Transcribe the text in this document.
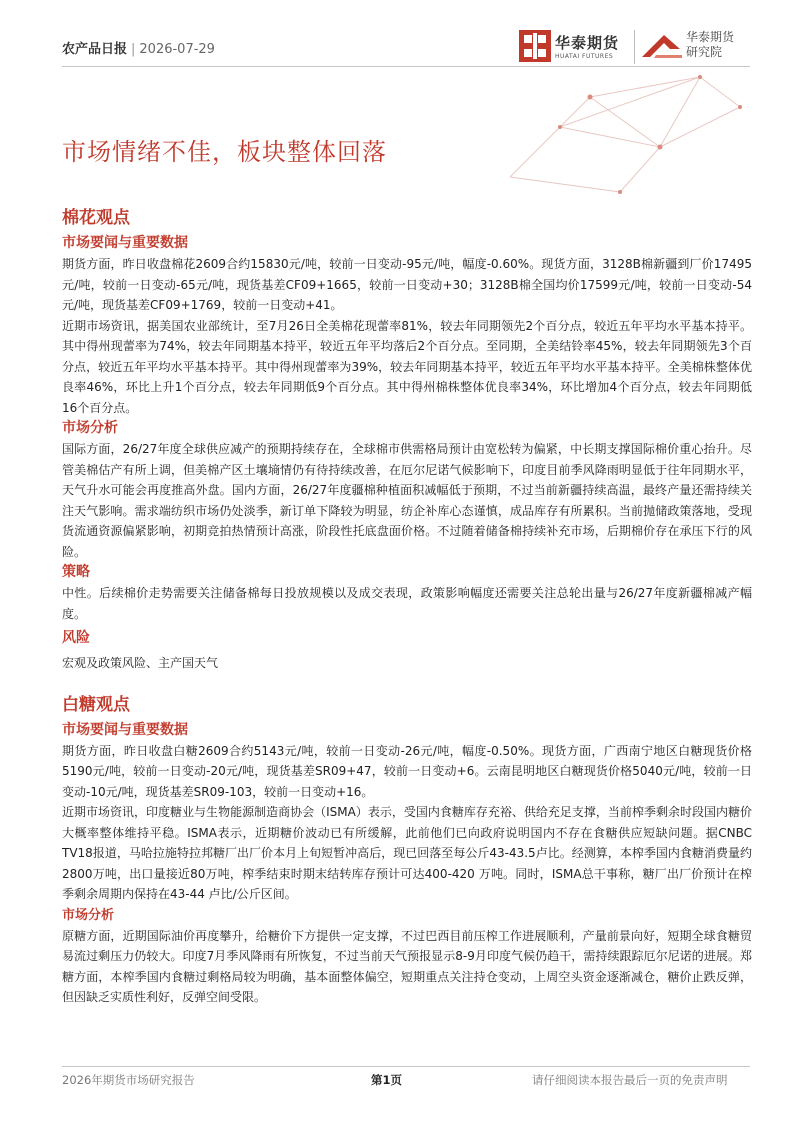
农产品日报 | 2026-07-29	华泰期货
HUATAI FUTURES
华泰期货
研究院
市场情绪不佳，板块整体回落
棉花观点
市场要闻与重要数据
期货方面，昨日收盘棉花2609合约15830元/吨，较前一日变动-95元/吨，幅度-0.60%。现货方面，3128B棉新疆到厂价17495元/吨，较前一日变动-65元/吨，现货基差CF09+1665，较前一日变动+30；3128B棉全国均价17599元/吨，较前一日变动-54元/吨，现货基差CF09+1769，较前一日变动+41。
近期市场资讯，据美国农业部统计，至7月26日全美棉花现蕾率81%，较去年同期领先2个百分点，较近五年平均水平基本持平。其中得州现蕾率为74%，较去年同期基本持平，较近五年平均落后2个百分点。至同期，全美结铃率45%，较去年同期领先3个百分点，较近五年平均水平基本持平。其中得州现蕾率为39%，较去年同期基本持平，较近五年平均水平基本持平。全美棉株整体优良率46%，环比上升1个百分点，较去年同期低9个百分点。其中得州棉株整体优良率34%，环比增加4个百分点，较去年同期低16个百分点。
市场分析
国际方面，26/27年度全球供应减产的预期持续存在，全球棉市供需格局预计由宽松转为偏紧，中长期支撑国际棉价重心抬升。尽管美棉估产有所上调，但美棉产区土壤墒情仍有待持续改善，在厄尔尼诺气候影响下，印度目前季风降雨明显低于往年同期水平，天气升水可能会再度推高外盘。国内方面，26/27年度疆棉种植面积减幅低于预期，不过当前新疆持续高温，最终产量还需持续关注天气影响。需求端纺织市场仍处淡季，新订单下降较为明显，纺企补库心态谨慎，成品库存有所累积。当前抛储政策落地，受现货流通资源偏紧影响，初期竞拍热情预计高涨，阶段性托底盘面价格。不过随着储备棉持续补充市场，后期棉价存在承压下行的风险。
策略
中性。后续棉价走势需要关注储备棉每日投放规模以及成交表现，政策影响幅度还需要关注总轮出量与26/27年度新疆棉减产幅度。
风险
宏观及政策风险、主产国天气
白糖观点
市场要闻与重要数据
期货方面，昨日收盘白糖2609合约5143元/吨，较前一日变动-26元/吨，幅度-0.50%。现货方面，广西南宁地区白糖现货价格5190元/吨，较前一日变动-20元/吨，现货基差SR09+47，较前一日变动+6。云南昆明地区白糖现货价格5040元/吨，较前一日变动-10元/吨，现货基差SR09-103，较前一日变动+16。
近期市场资讯，印度糖业与生物能源制造商协会（ISMA）表示，受国内食糖库存充裕、供给充足支撑，当前榨季剩余时段国内糖价大概率整体维持平稳。ISMA表示，近期糖价波动已有所缓解，此前他们已向政府说明国内不存在食糖供应短缺问题。据CNBC TV18报道，马哈拉施特拉邦糖厂出厂价本月上旬短暂冲高后，现已回落至每公斤43-43.5卢比。经测算，本榨季国内食糖消费量约2800万吨，出口量接近80万吨，榨季结束时期末结转库存预计可达400-420 万吨。同时，ISMA总干事称，糖厂出厂价预计在榨季剩余周期内保持在43-44 卢比/公斤区间。
市场分析
原糖方面，近期国际油价再度攀升，给糖价下方提供一定支撑，不过巴西目前压榨工作进展顺利，产量前景向好，短期全球食糖贸易流过剩压力仍较大。印度7月季风降雨有所恢复，不过当前天气预报显示8-9月印度气候仍趋干，需持续跟踪厄尔尼诺的进展。郑糖方面，本榨季国内食糖过剩格局较为明确，基本面整体偏空，短期重点关注持仓变动，上周空头资金逐渐减仓，糖价止跌反弹，但因缺乏实质性利好，反弹空间受限。
2026年期货市场研究报告	第1页	请仔细阅读本报告最后一页的免责声明
